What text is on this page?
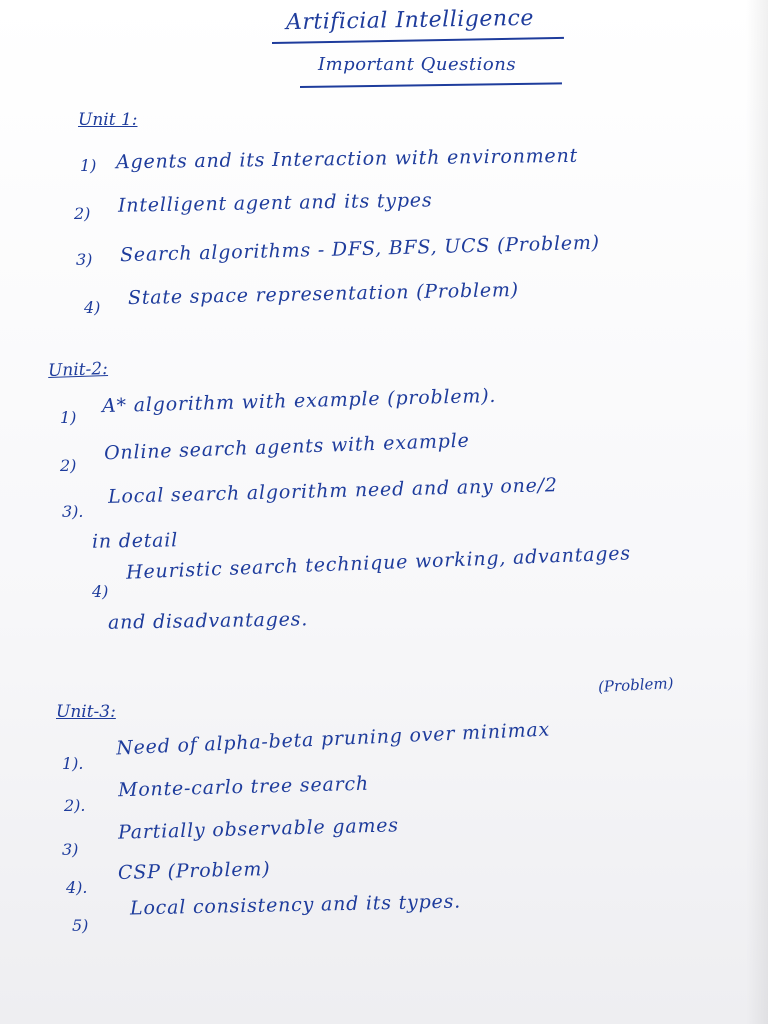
Artificial Intelligence
Important Questions
Unit 1:
1) Agents and its Interaction with environment
2) Intelligent agent and its types
3) Search algorithms - DFS, BFS, UCS (Problem)
4) State space representation (Problem)
Unit-2:
1)
A* algorithm with example (problem).
2)
Online search agents with example
3).
Local search algorithm need and any one/2
in detail
4)
Heuristic search technique working, advantages
and disadvantages.
(Problem)
Unit-3:
1).
Need of alpha-beta pruning over minimax
2).
Monte-carlo tree search
3)
Partially observable games
4).
CSP (Problem)
5)
Local consistency and its types.
